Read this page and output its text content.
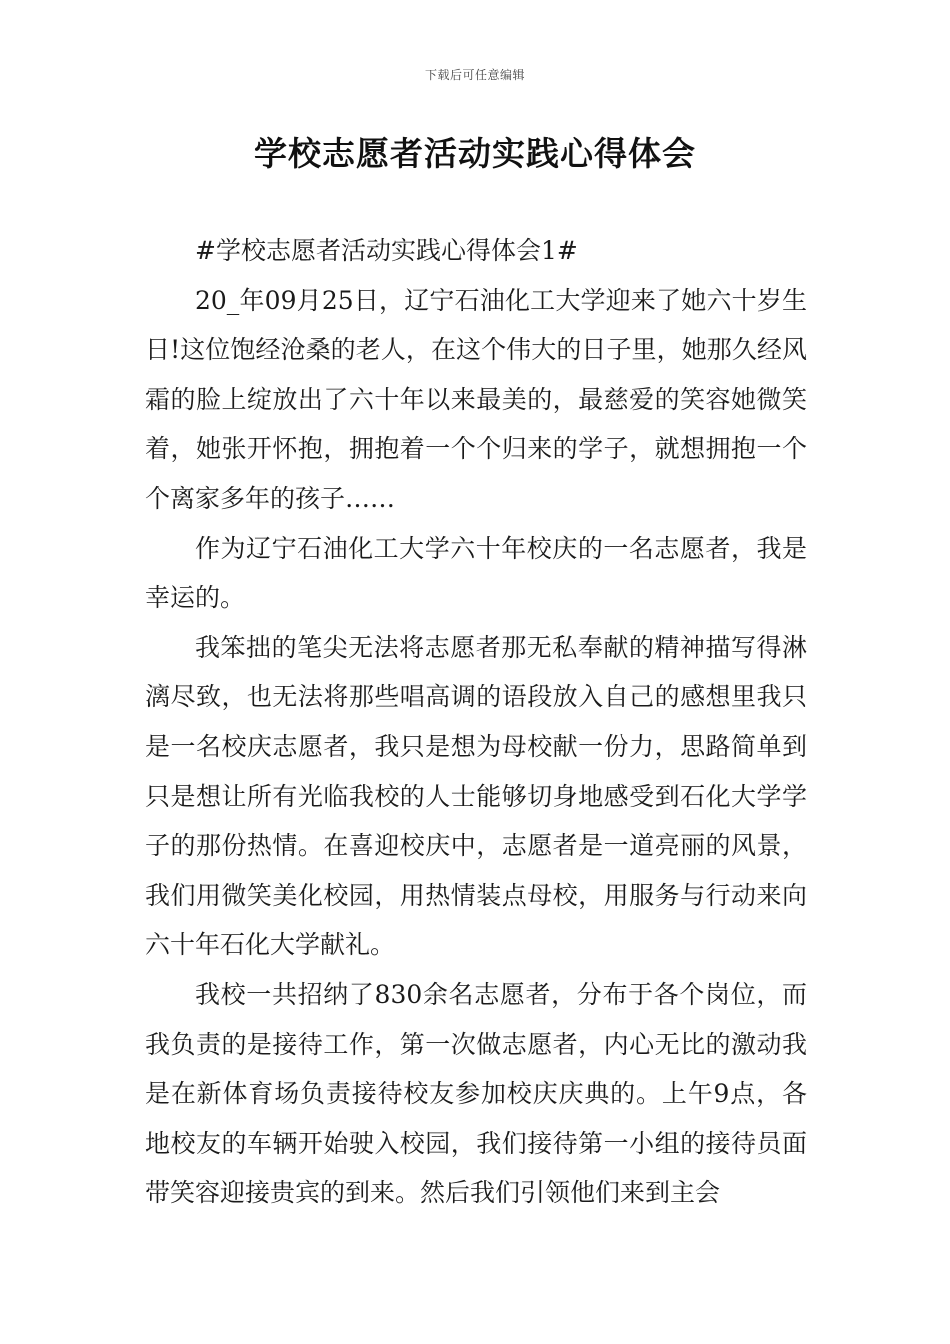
下载后可任意编辑
学校志愿者活动实践心得体会

#学校志愿者活动实践心得体会1#

20_年09月25日，辽宁石油化工大学迎来了她六十岁生日!这位饱经沧桑的老人，在这个伟大的日子里，她那久经风霜的脸上绽放出了六十年以来最美的，最慈爱的笑容她微笑着，她张开怀抱，拥抱着一个个归来的学子，就想拥抱一个个离家多年的孩子……

作为辽宁石油化工大学六十年校庆的一名志愿者，我是幸运的。

我笨拙的笔尖无法将志愿者那无私奉献的精神描写得淋漓尽致，也无法将那些唱高调的语段放入自己的感想里我只是一名校庆志愿者，我只是想为母校献一份力，思路简单到只是想让所有光临我校的人士能够切身地感受到石化大学学子的那份热情。在喜迎校庆中，志愿者是一道亮丽的风景，我们用微笑美化校园，用热情装点母校，用服务与行动来向六十年石化大学献礼。

我校一共招纳了830余名志愿者，分布于各个岗位，而我负责的是接待工作，第一次做志愿者，内心无比的激动我是在新体育场负责接待校友参加校庆庆典的。上午9点，各地校友的车辆开始驶入校园，我们接待第一小组的接待员面带笑容迎接贵宾的到来。然后我们引领他们来到主会
